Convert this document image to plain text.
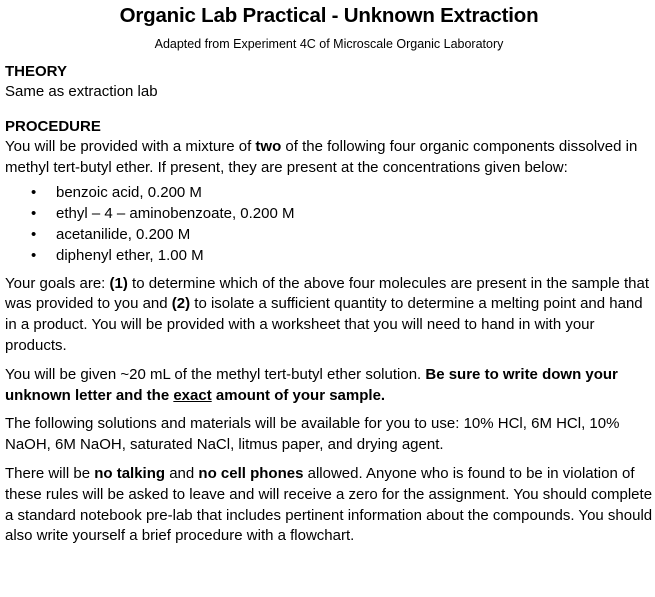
Organic Lab Practical - Unknown Extraction
Adapted from Experiment 4C of Microscale Organic Laboratory
THEORY
Same as extraction lab
PROCEDURE
You will be provided with a mixture of two of the following four organic components dissolved in methyl tert-butyl ether. If present, they are present at the concentrations given below:
• benzoic acid, 0.200 M
• ethyl – 4 – aminobenzoate, 0.200 M
• acetanilide, 0.200 M
• diphenyl ether, 1.00 M
Your goals are: (1) to determine which of the above four molecules are present in the sample that was provided to you and (2) to isolate a sufficient quantity to determine a melting point and hand in a product. You will be provided with a worksheet that you will need to hand in with your products.
You will be given ~20 mL of the methyl tert-butyl ether solution. Be sure to write down your unknown letter and the exact amount of your sample.
The following solutions and materials will be available for you to use: 10% HCl, 6M HCl, 10% NaOH, 6M NaOH, saturated NaCl, litmus paper, and drying agent.
There will be no talking and no cell phones allowed. Anyone who is found to be in violation of these rules will be asked to leave and will receive a zero for the assignment. You should complete a standard notebook pre-lab that includes pertinent information about the compounds. You should also write yourself a brief procedure with a flowchart.
